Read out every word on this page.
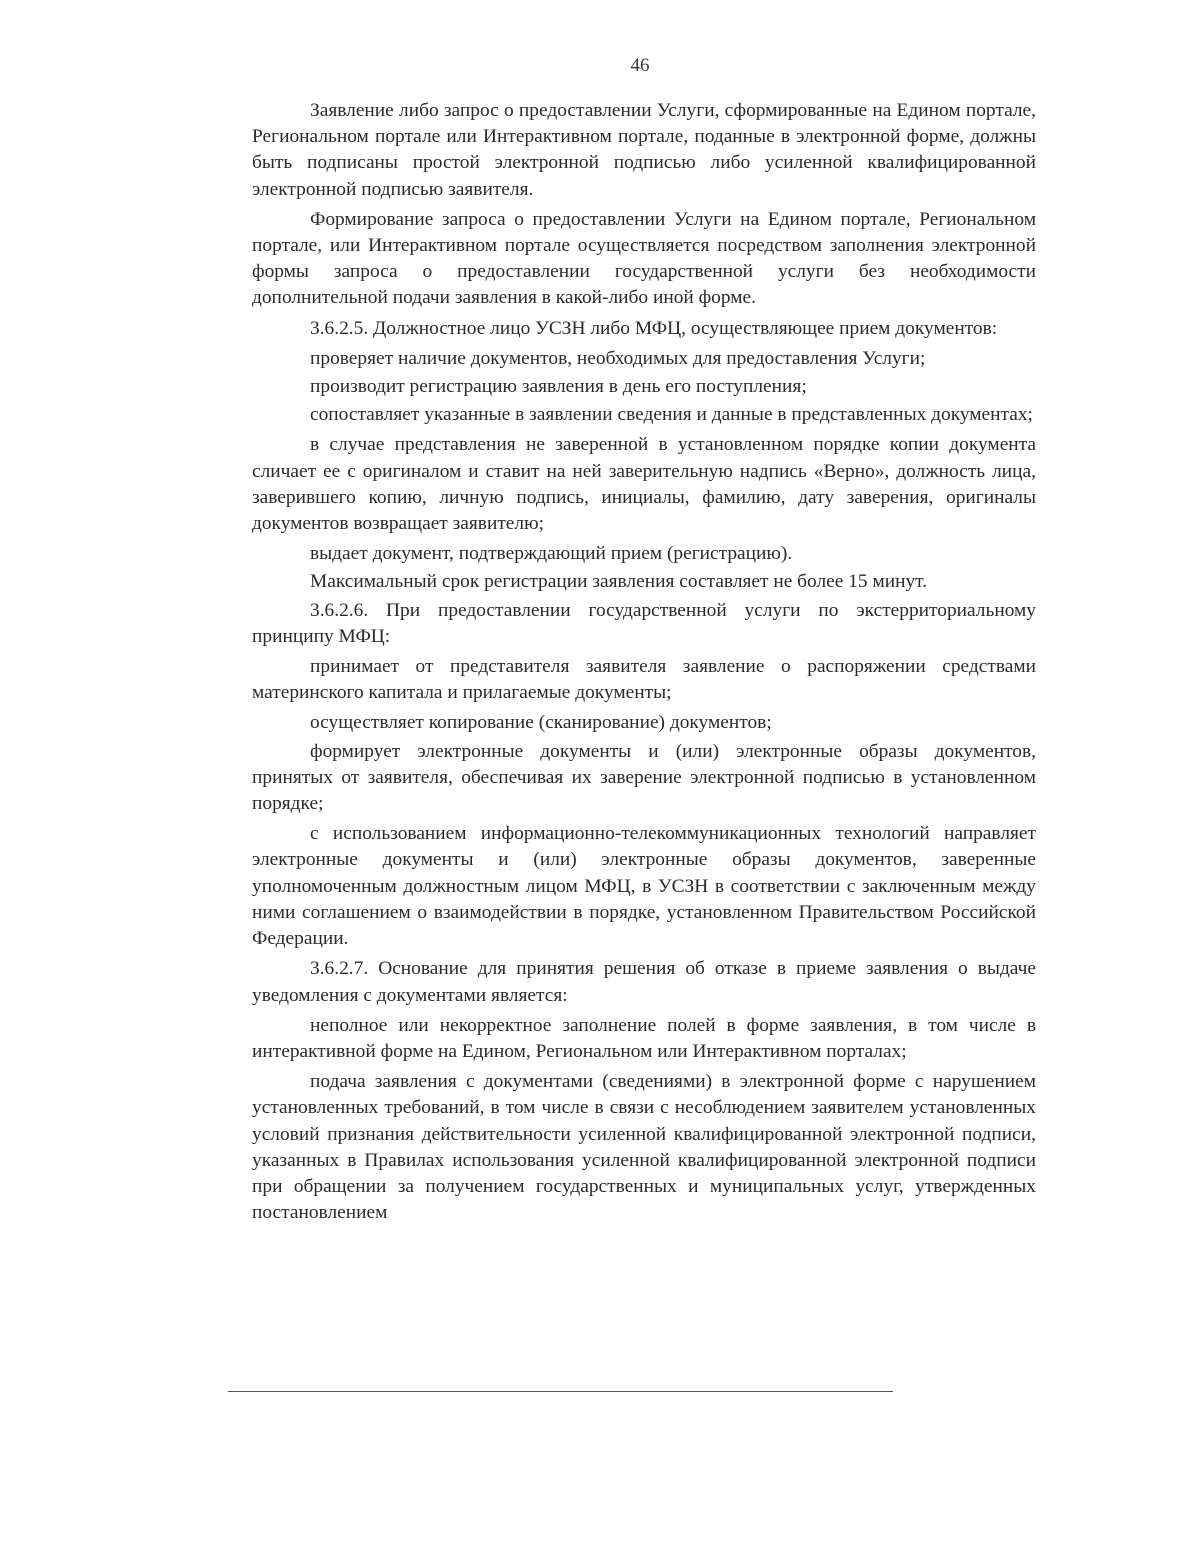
46

Заявление либо запрос о предоставлении Услуги, сформированные на Едином портале, Региональном портале или Интерактивном портале, поданные в электронной форме, должны быть подписаны простой электронной подписью либо усиленной квалифицированной электронной подписью заявителя.

Формирование запроса о предоставлении Услуги на Едином портале, Региональном портале, или Интерактивном портале осуществляется посредством заполнения электронной формы запроса о предоставлении государственной услуги без необходимости дополнительной подачи заявления в какой-либо иной форме.

3.6.2.5. Должностное лицо УСЗН либо МФЦ, осуществляющее прием документов:

проверяет наличие документов, необходимых для предоставления Услуги;

производит регистрацию заявления в день его поступления;

сопоставляет указанные в заявлении сведения и данные в представленных документах;

в случае представления не заверенной в установленном порядке копии документа сличает ее с оригиналом и ставит на ней заверительную надпись «Верно», должность лица, заверившего копию, личную подпись, инициалы, фамилию, дату заверения, оригиналы документов возвращает заявителю;

выдает документ, подтверждающий прием (регистрацию).

Максимальный срок регистрации заявления составляет не более 15 минут.

3.6.2.6. При предоставлении государственной услуги по экстерриториальному принципу МФЦ:

принимает от представителя заявителя заявление о распоряжении средствами материнского капитала и прилагаемые документы;

осуществляет копирование (сканирование) документов;

формирует электронные документы и (или) электронные образы документов, принятых от заявителя, обеспечивая их заверение электронной подписью в установленном порядке;

с использованием информационно-телекоммуникационных технологий направляет электронные документы и (или) электронные образы документов, заверенные уполномоченным должностным лицом МФЦ, в УСЗН в соответствии с заключенным между ними соглашением о взаимодействии в порядке, установленном Правительством Российской Федерации.

3.6.2.7. Основание для принятия решения об отказе в приеме заявления о выдаче уведомления с документами является:

неполное или некорректное заполнение полей в форме заявления, в том числе в интерактивной форме на Едином, Региональном или Интерактивном порталах;

подача заявления с документами (сведениями) в электронной форме с нарушением установленных требований, в том числе в связи с несоблюдением заявителем установленных условий признания действительности усиленной квалифицированной электронной подписи, указанных в Правилах использования усиленной квалифицированной электронной подписи при обращении за получением государственных и муниципальных услуг, утвержденных постановлением
